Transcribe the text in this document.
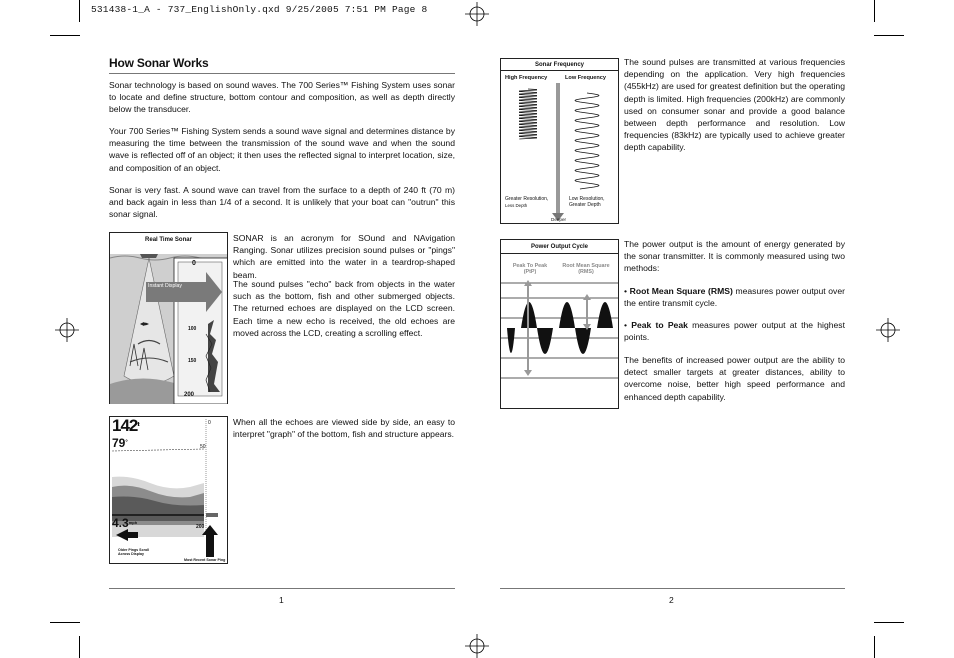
531438-1_A - 737_EnglishOnly.qxd 9/25/2005 7:51 PM Page 8
How Sonar Works
Sonar technology is based on sound waves. The 700 Series™ Fishing System uses sonar to locate and define structure, bottom contour and composition, as well as depth directly below the transducer.
Your 700 Series™ Fishing System sends a sound wave signal and determines distance by measuring the time between the transmission of the sound wave and when the sound wave is reflected off of an object; it then uses the reflected signal to interpret location, size, and composition of an object.
Sonar is very fast. A sound wave can travel from the surface to a depth of 240 ft (70 m) and back again in less than 1/4 of a second. It is unlikely that your boat can "outrun" this sonar signal.
Real Time Sonar
Instant Display
0
100
150
200
SONAR is an acronym for SOund and NAvigation Ranging. Sonar utilizes precision sound pulses or "pings" which are emitted into the water in a teardrop-shaped beam.
The sound pulses "echo" back from objects in the water such as the bottom, fish and other submerged objects. The returned echoes are displayed on the LCD screen. Each time a new echo is received, the old echoes are moved across the LCD, creating a scrolling effect.
$142^{ft}$
79°
$4.3^{mph}$
0
50
200
Older Pings Scroll Across Display
Most Recent Sonar Ping
When all the echoes are viewed side by side, an easy to interpret "graph" of the bottom, fish and structure appears.
1
Sonar Frequency
High Frequency	Low Frequency
Greater Resolution,
Less Depth
Low Resolution,
Greater Depth
Deeper
The sound pulses are transmitted at various frequencies depending on the application. Very high frequencies (455kHz) are used for greatest definition but the operating depth is limited. High frequencies (200kHz) are commonly used on consumer sonar and provide a good balance between depth performance and resolution. Low frequencies (83kHz) are typically used to achieve greater depth capability.
Power Output Cycle
Peak To Peak
(PtP)
Root Mean Square
(RMS)
The power output is the amount of energy generated by the sonar transmitter. It is commonly measured using two methods:
• Root Mean Square (RMS) measures power output over the entire transmit cycle.
• Peak to Peak measures power output at the highest points.
The benefits of increased power output are the ability to detect smaller targets at greater distances, ability to overcome noise, better high speed performance and enhanced depth capability.
2
